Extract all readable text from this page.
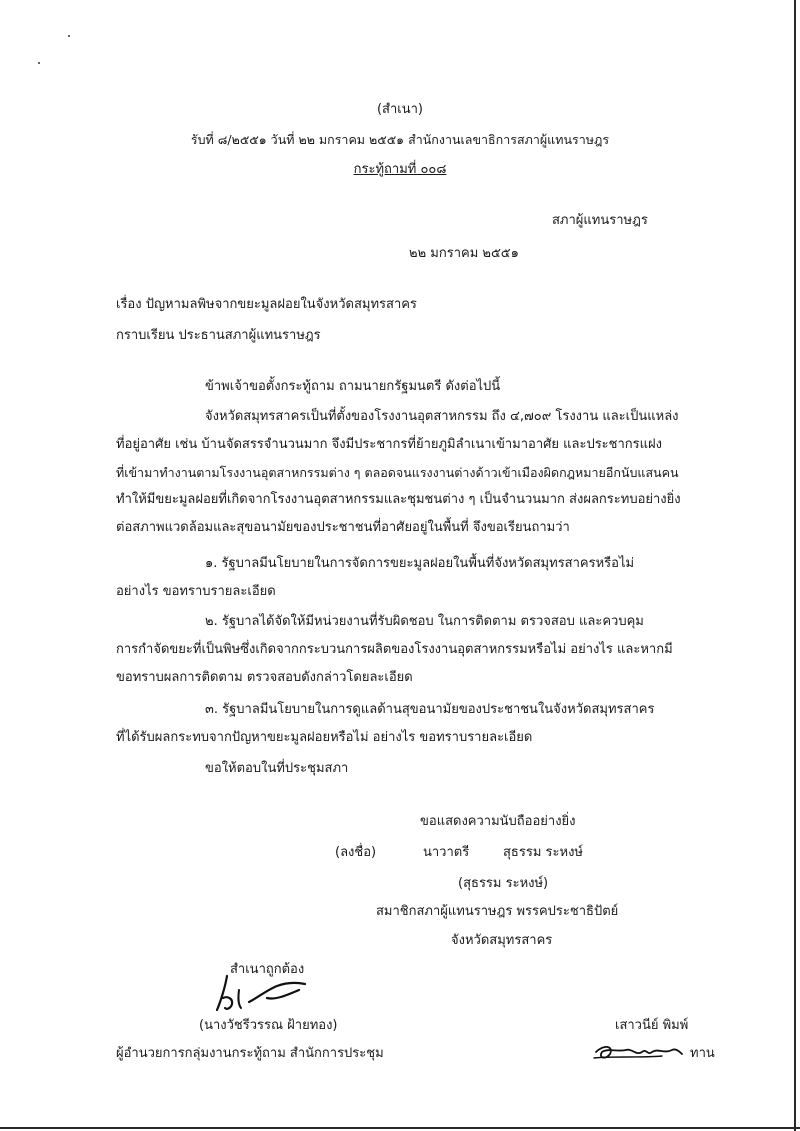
(สำเนา)
รับที่ ๘/๒๕๕๑ วันที่ ๒๒ มกราคม ๒๕๕๑ สำนักงานเลขาธิการสภาผู้แทนราษฎร
กระทู้ถามที่ ๐๐๘
สภาผู้แทนราษฎร
๒๒ มกราคม ๒๕๕๑
เรื่อง ปัญหามลพิษจากขยะมูลฝอยในจังหวัดสมุทรสาคร
กราบเรียน ประธานสภาผู้แทนราษฎร
ข้าพเจ้าขอตั้งกระทู้ถาม ถามนายกรัฐมนตรี ดังต่อไปนี้
จังหวัดสมุทรสาครเป็นที่ตั้งของโรงงานอุตสาหกรรม ถึง ๔,๗๐๙ โรงงาน และเป็นแหล่ง
ที่อยู่อาศัย เช่น บ้านจัดสรรจำนวนมาก จึงมีประชากรที่ย้ายภูมิลำเนาเข้ามาอาศัย และประชากรแฝง
ที่เข้ามาทำงานตามโรงงานอุตสาหกรรมต่าง ๆ ตลอดจนแรงงานต่างด้าวเข้าเมืองผิดกฎหมายอีกนับแสนคน
ทำให้มีขยะมูลฝอยที่เกิดจากโรงงานอุตสาหกรรมและชุมชนต่าง ๆ เป็นจำนวนมาก ส่งผลกระทบอย่างยิ่ง
ต่อสภาพแวดล้อมและสุขอนามัยของประชาชนที่อาศัยอยู่ในพื้นที่ จึงขอเรียนถามว่า
๑. รัฐบาลมีนโยบายในการจัดการขยะมูลฝอยในพื้นที่จังหวัดสมุทรสาครหรือไม่
อย่างไร ขอทราบรายละเอียด
๒. รัฐบาลได้จัดให้มีหน่วยงานที่รับผิดชอบ ในการติดตาม ตรวจสอบ และควบคุม
การกำจัดขยะที่เป็นพิษซึ่งเกิดจากกระบวนการผลิตของโรงงานอุตสาหกรรมหรือไม่ อย่างไร และหากมี
ขอทราบผลการติดตาม ตรวจสอบดังกล่าวโดยละเอียด
๓. รัฐบาลมีนโยบายในการดูแลด้านสุขอนามัยของประชาชนในจังหวัดสมุทรสาคร
ที่ได้รับผลกระทบจากปัญหาขยะมูลฝอยหรือไม่ อย่างไร ขอทราบรายละเอียด
ขอให้ตอบในที่ประชุมสภา
ขอแสดงความนับถืออย่างยิ่ง
(ลงชื่อ)	นาวาตรี	สุธรรม ระหงษ์
(สุธรรม ระหงษ์)
สมาชิกสภาผู้แทนราษฎร พรรคประชาธิปัตย์
จังหวัดสมุทรสาคร
สำเนาถูกต้อง
(นางวัชรีวรรณ ฝ้ายทอง)
ผู้อำนวยการกลุ่มงานกระทู้ถาม สำนักการประชุม
เสาวนีย์ พิมพ์
ทาน
